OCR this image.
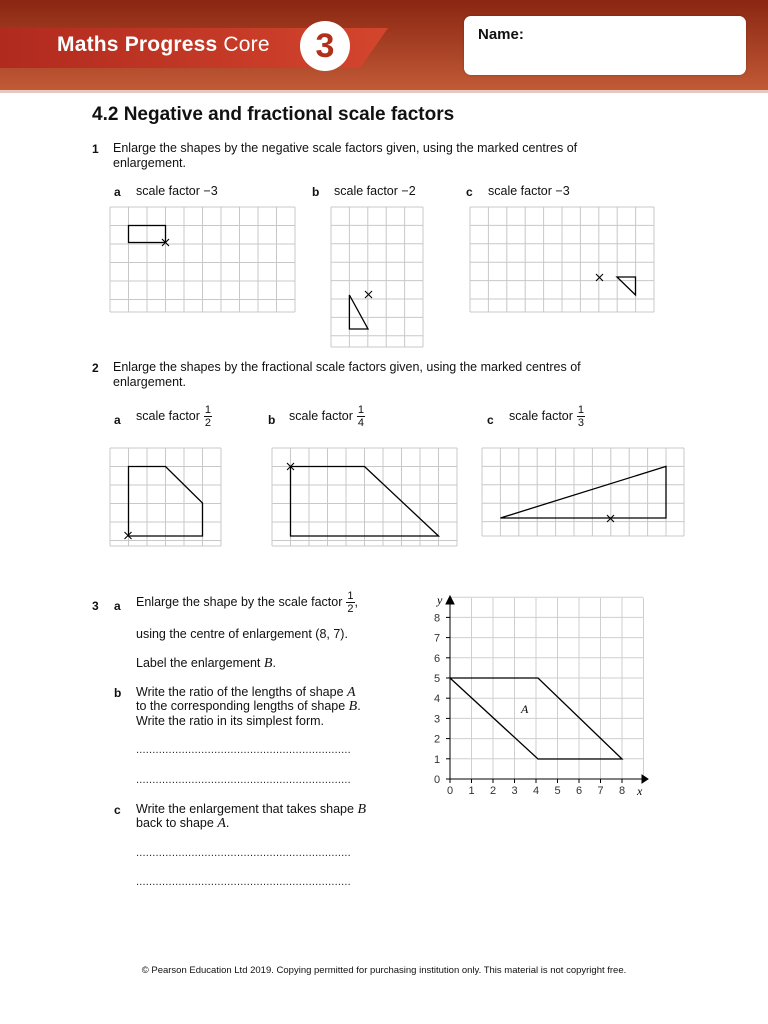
Maths Progress Core	3	Name:
4.2 Negative and fractional scale factors
1 Enlarge the shapes by the negative scale factors given, using the marked centres of enlargement.
a scale factor −3	b scale factor −2	c scale factor −3
2 Enlarge the shapes by the fractional scale factors given, using the marked centres of enlargement.
a scale factor $\frac{1}{2}$	b scale factor $\frac{1}{4}$	c scale factor $\frac{1}{3}$
3 a Enlarge the shape by the scale factor $\frac{1}{2}$ ,
using the centre of enlargement (8, 7).
Label the enlargement B.
b Write the ratio of the lengths of shape A
to the corresponding lengths of shape B.
Write the ratio in its simplest form.
..................................................................
..................................................................
c Write the enlargement that takes shape B
back to shape A.
..................................................................
..................................................................
0 1 2 3 4 5 6 7 8
0
1
2
3
4
5
6
7
8
x
y
A
© Pearson Education Ltd 2019. Copying permitted for purchasing institution only. This material is not copyright free.
